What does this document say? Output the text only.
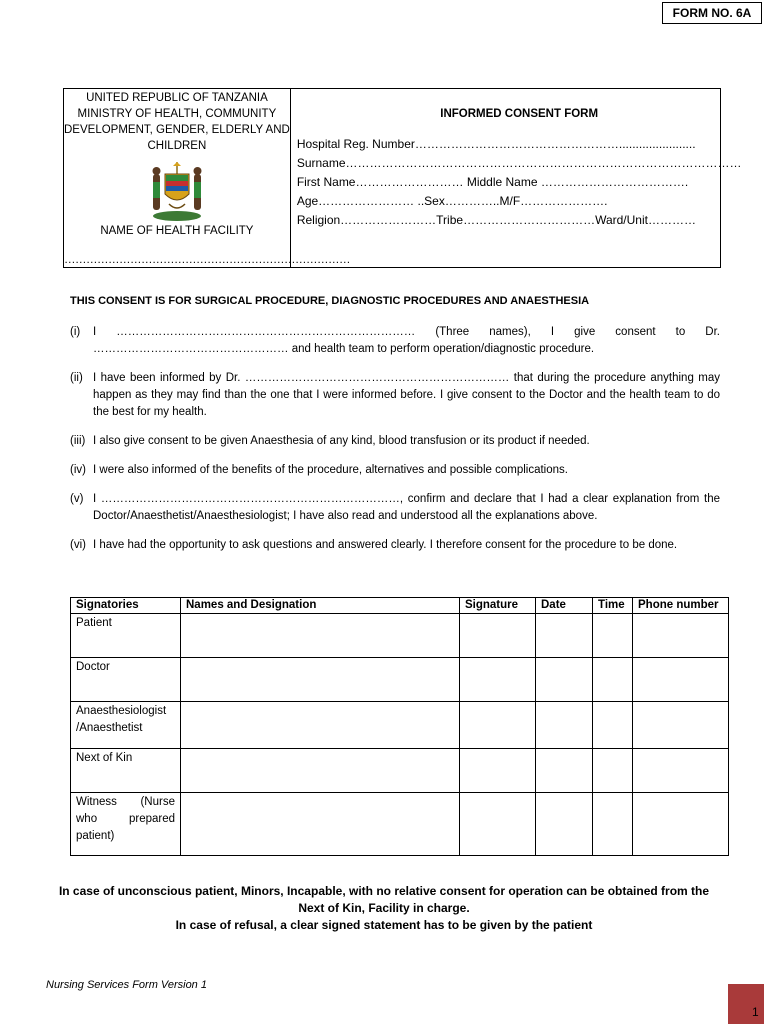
FORM NO. 6A
UNITED REPUBLIC OF TANZANIA
MINISTRY OF HEALTH, COMMUNITY
DEVELOPMENT, GENDER, ELDERLY AND
CHILDREN
NAME OF HEALTH FACILITY
……………………………………………………………………
INFORMED CONSENT FORM
Hospital Reg. Number…………………………………………….......................
Surname………………………………………………………………………………………
First Name……………………… Middle Name ……………………………….
Age…………………… ..Sex…………..M/F………………….
Religion……………………Tribe……………………………Ward/Unit…………
THIS CONSENT IS FOR SURGICAL PROCEDURE, DIAGNOSTIC PROCEDURES AND ANAESTHESIA
(i)	I …………………………………………………………………… (Three names), I give consent to Dr. …………………………………………… and health team to perform operation/diagnostic procedure.
(ii) I have been informed by Dr. …………………………………………………………… that during the procedure anything may happen as they may find than the one that I were informed before. I give consent to the Doctor and the health team to do the best for my health.
(iii) I also give consent to be given Anaesthesia of any kind, blood transfusion or its product if needed.
(iv) I were also informed of the benefits of the procedure, alternatives and possible complications.
(v) I ……………………………………………………………………, confirm and declare that I had a clear explanation from the Doctor/Anaesthetist/Anaesthesiologist; I have also read and understood all the explanations above.
(vi) I have had the opportunity to ask questions and answered clearly. I therefore consent for the procedure to be done.
Signatories	Names and Designation	Signature	Date	Time	Phone number
Patient					
Doctor					
Anaesthesiologist /Anaesthetist					
Next of Kin					
Witness (Nurse who prepared patient)					
In case of unconscious patient, Minors, Incapable, with no relative consent for operation can be obtained from the
Next of Kin, Facility in charge.
In case of refusal, a clear signed statement has to be given by the patient
Nursing Services Form Version 1
1
